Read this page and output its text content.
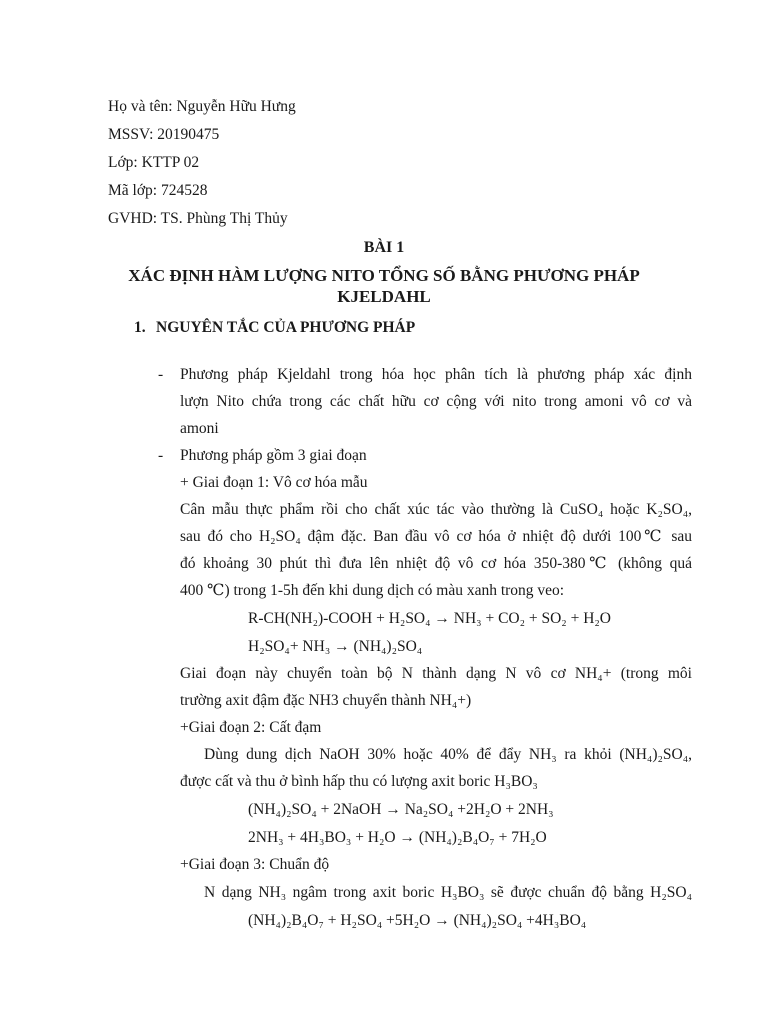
Họ và tên: Nguyễn Hữu Hưng
MSSV: 20190475
Lớp: KTTP 02
Mã lớp: 724528
GVHD: TS. Phùng Thị Thủy
BÀI 1
XÁC ĐỊNH HÀM LƯỢNG NITO TỔNG SỐ BẰNG PHƯƠNG PHÁP
KJELDAHL
1. NGUYÊN TẮC CỦA PHƯƠNG PHÁP
- Phương pháp Kjeldahl trong hóa học phân tích là phương pháp xác định
lượn Nito chứa trong các chất hữu cơ cộng với nito trong amoni vô cơ và
amoni
- Phương pháp gồm 3 giai đoạn
+ Giai đoạn 1: Vô cơ hóa mẫu
Cân mẫu thực phẩm rồi cho chất xúc tác vào thường là CuSO₄ hoặc K₂SO₄,
sau đó cho H₂SO₄ đậm đặc. Ban đầu vô cơ hóa ở nhiệt độ dưới 100℃ sau
đó khoảng 30 phút thì đưa lên nhiệt độ vô cơ hóa 350-380℃ (không quá
400 ℃) trong 1-5h đến khi dung dịch có màu xanh trong veo:
R-CH(NH₂)-COOH + H₂SO₄ → NH₃ + CO₂ + SO₂ + H₂O
H₂SO₄+ NH₃ → (NH₄)₂SO₄
Giai đoạn này chuyển toàn bộ N thành dạng N vô cơ NH₄+ (trong môi
trường axit đậm đặc NH3 chuyển thành NH₄+)
+Giai đoạn 2: Cất đạm
Dùng dung dịch NaOH 30% hoặc 40% để đẩy NH₃ ra khỏi (NH₄)₂SO₄,
được cất và thu ở bình hấp thu có lượng axit boric H₃BO₃
(NH₄)₂SO₄ + 2NaOH → Na₂SO₄ +2H₂O + 2NH₃
2NH₃ + 4H₃BO₃ + H₂O → (NH₄)₂B₄O₇ + 7H₂O
+Giai đoạn 3: Chuẩn độ
N dạng NH₃ ngâm trong axit boric H₃BO₃ sẽ được chuẩn độ bằng H₂SO₄
(NH₄)₂B₄O₇ + H₂SO₄ +5H₂O → (NH₄)₂SO₄ +4H₃BO₄
